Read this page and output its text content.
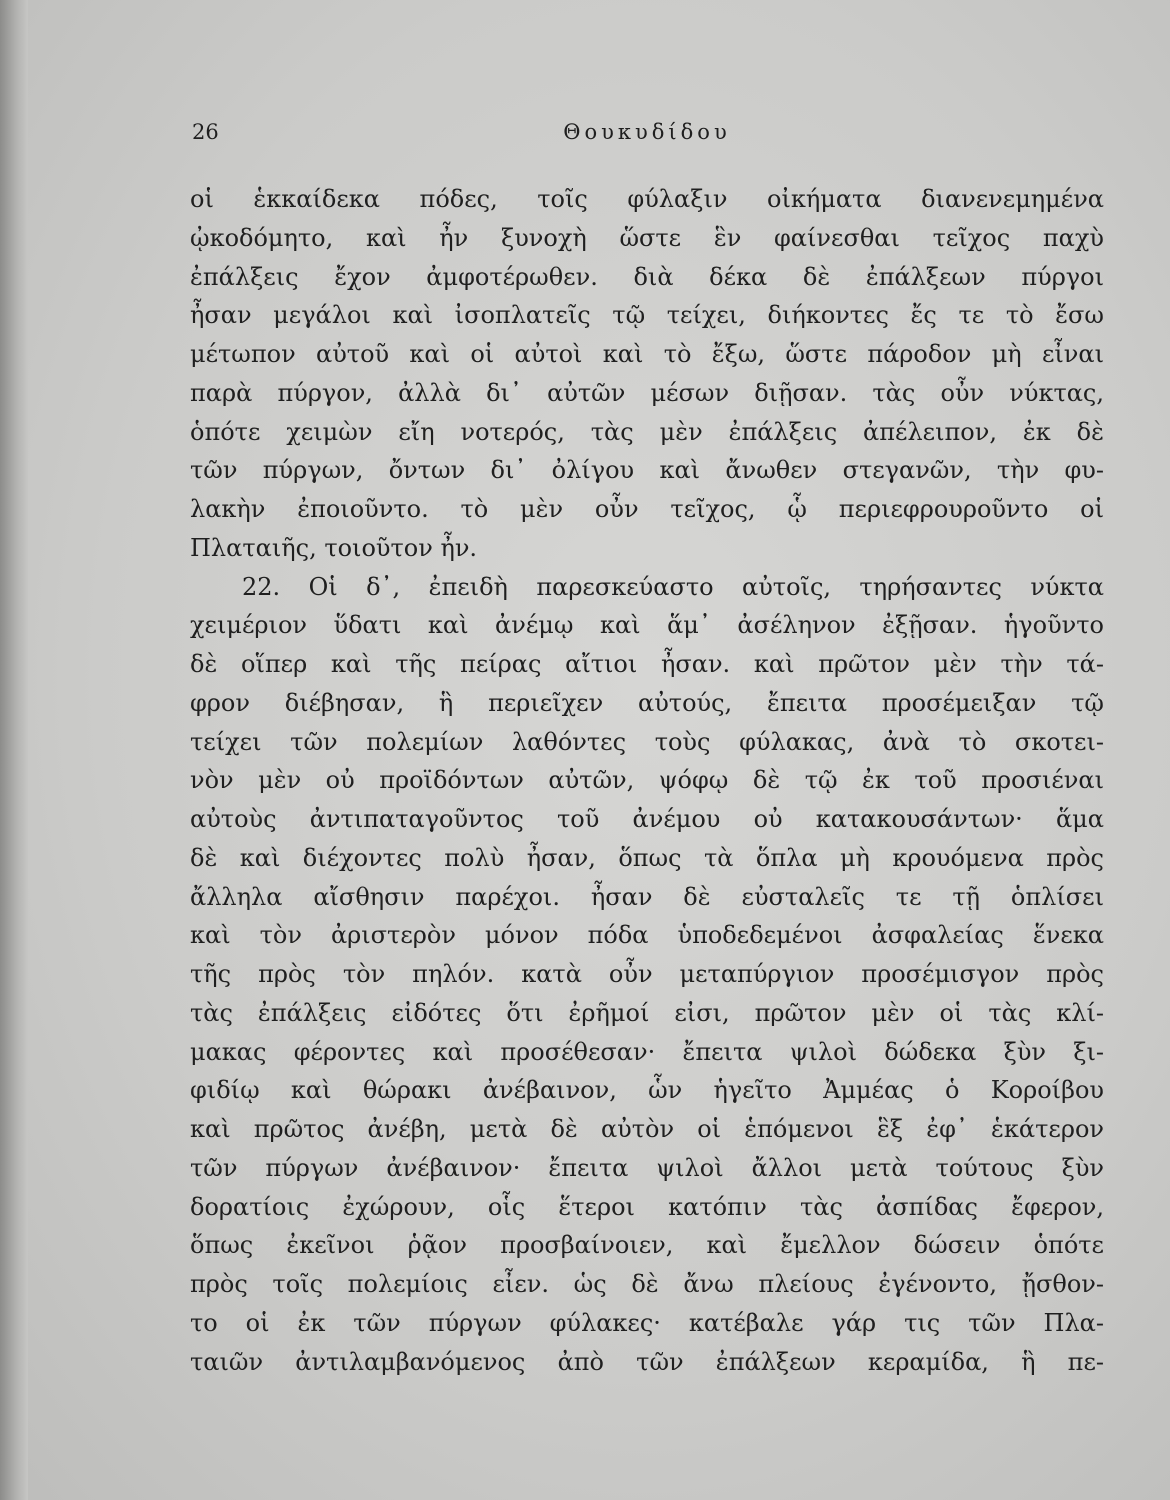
26	Θουκυδίδου
οἱ ἑκκαίδεκα πόδες, τοῖς φύλαξιν οἰκήματα διανενεμημένα
ᾠκοδόμητο, καὶ ἦν ξυνοχὴ ὥστε ἓν φαίνεσθαι τεῖχος παχὺ
ἐπάλξεις ἔχον ἀμφοτέρωθεν. διὰ δέκα δὲ ἐπάλξεων πύργοι
ἦσαν μεγάλοι καὶ ἰσοπλατεῖς τῷ τείχει, διήκοντες ἔς τε τὸ ἔσω
μέτωπον αὐτοῦ καὶ οἱ αὐτοὶ καὶ τὸ ἔξω, ὥστε πάροδον μὴ εἶναι
παρὰ πύργον, ἀλλὰ δι᾽ αὐτῶν μέσων διῇσαν. τὰς οὖν νύκτας,
ὁπότε χειμὼν εἴη νοτερός, τὰς μὲν ἐπάλξεις ἀπέλειπον, ἐκ δὲ
τῶν πύργων, ὄντων δι᾽ ὀλίγου καὶ ἄνωθεν στεγανῶν, τὴν φυ-
λακὴν ἐποιοῦντο. τὸ μὲν οὖν τεῖχος, ᾧ περιεφρουροῦντο οἱ
Πλαταιῆς, τοιοῦτον ἦν.
22. Οἱ δ᾽, ἐπειδὴ παρεσκεύαστο αὐτοῖς, τηρήσαντες νύκτα
χειμέριον ὕδατι καὶ ἀνέμῳ καὶ ἅμ᾽ ἀσέληνον ἐξῇσαν. ἡγοῦντο
δὲ οἵπερ καὶ τῆς πείρας αἴτιοι ἦσαν. καὶ πρῶτον μὲν τὴν τά-
φρον διέβησαν, ἣ περιεῖχεν αὐτούς, ἔπειτα προσέμειξαν τῷ
τείχει τῶν πολεμίων λαθόντες τοὺς φύλακας, ἀνὰ τὸ σκοτει-
νὸν μὲν οὐ προϊδόντων αὐτῶν, ψόφῳ δὲ τῷ ἐκ τοῦ προσιέναι
αὐτοὺς ἀντιπαταγοῦντος τοῦ ἀνέμου οὐ κατακουσάντων· ἅμα
δὲ καὶ διέχοντες πολὺ ἦσαν, ὅπως τὰ ὅπλα μὴ κρουόμενα πρὸς
ἄλληλα αἴσθησιν παρέχοι. ἦσαν δὲ εὐσταλεῖς τε τῇ ὁπλίσει
καὶ τὸν ἀριστερὸν μόνον πόδα ὑποδεδεμένοι ἀσφαλείας ἕνεκα
τῆς πρὸς τὸν πηλόν. κατὰ οὖν μεταπύργιον προσέμισγον πρὸς
τὰς ἐπάλξεις εἰδότες ὅτι ἐρῆμοί εἰσι, πρῶτον μὲν οἱ τὰς κλί-
μακας φέροντες καὶ προσέθεσαν· ἔπειτα ψιλοὶ δώδεκα ξὺν ξι-
φιδίῳ καὶ θώρακι ἀνέβαινον, ὧν ἡγεῖτο Ἀμμέας ὁ Κοροίβου
καὶ πρῶτος ἀνέβη, μετὰ δὲ αὐτὸν οἱ ἑπόμενοι ἓξ ἐφ᾽ ἑκάτερον
τῶν πύργων ἀνέβαινον· ἔπειτα ψιλοὶ ἄλλοι μετὰ τούτους ξὺν
δορατίοις ἐχώρουν, οἷς ἕτεροι κατόπιν τὰς ἀσπίδας ἔφερον,
ὅπως ἐκεῖνοι ῥᾷον προσβαίνοιεν, καὶ ἔμελλον δώσειν ὁπότε
πρὸς τοῖς πολεμίοις εἶεν. ὡς δὲ ἄνω πλείους ἐγένοντο, ᾔσθον-
το οἱ ἐκ τῶν πύργων φύλακες· κατέβαλε γάρ τις τῶν Πλα-
ταιῶν ἀντιλαμβανόμενος ἀπὸ τῶν ἐπάλξεων κεραμίδα, ἣ πε-
